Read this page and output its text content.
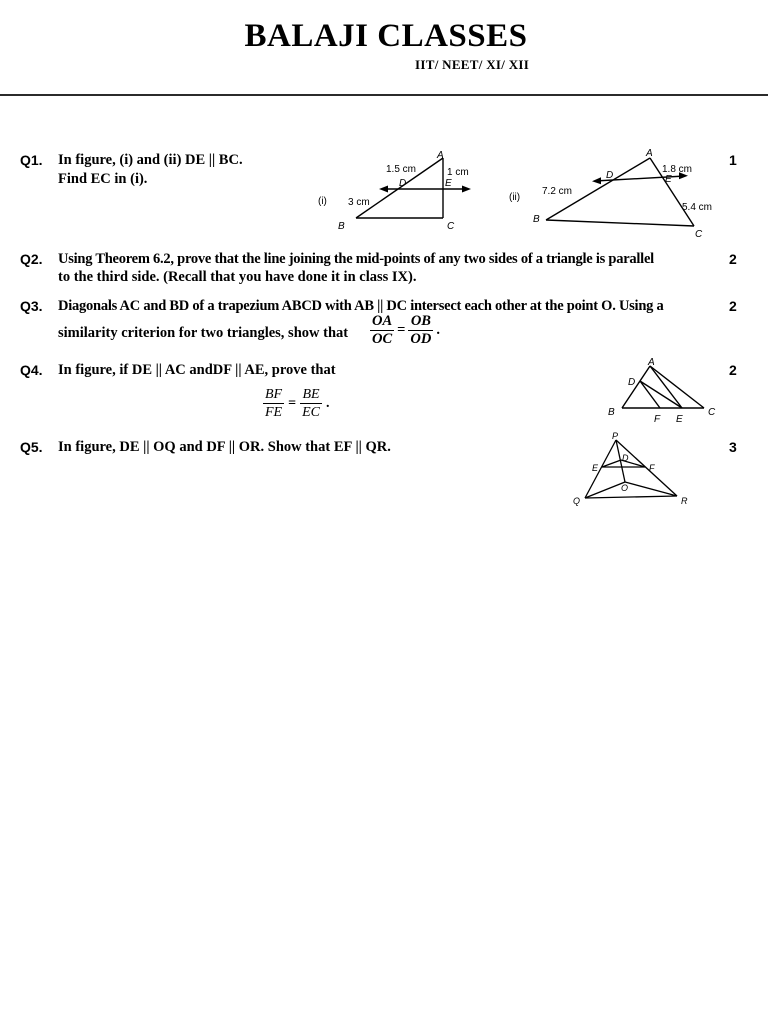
BALAJI CLASSES
IIT/ NEET/ XI/ XII
Q1. In figure, (i) and (ii) DE || BC.
Find EC in (i).
1
(i)
A
B	C
D	E
1.5 cm	1 cm
3 cm	(ii)
A
B
C
D	E
1.8 cm
7.2 cm
5.4 cm
Q2. Using Theorem 6.2, prove that the line joining the mid-points of any two sides of a triangle is parallel
to the third side. (Recall that you have done it in class IX).
2
Q3. Diagonals AC and BD of a trapezium ABCD with AB || DC intersect each other at the point O. Using a
similarity criterion for two triangles, show that $\frac{OA}{OC} = \frac{OB}{OD}$ .
2
Q4. In figure, if DE || AC andDF || AE, prove that
$\frac{BF}{FE} = \frac{BE}{EC}$ .
2
A
D
B	C
F E
Q5. In figure, DE || OQ and DF || OR. Show that EF || QR.	3
P
D
E	F
O
Q	R
